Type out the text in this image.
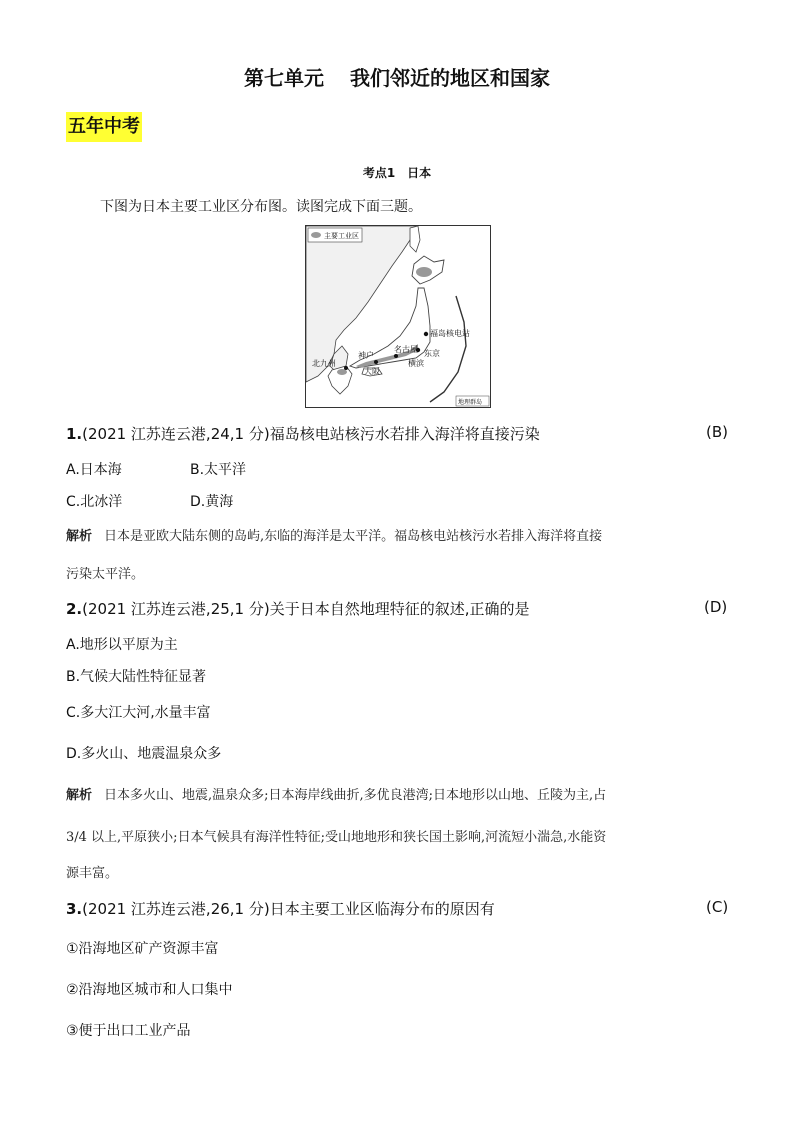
第七单元 我们邻近的地区和国家
五年中考
考点1　日本
下图为日本主要工业区分布图。读图完成下面三题。
主要工业区
福岛核电站
名古屋 东京
北九州
神户
大阪
横滨
地理群岛
1.(2021 江苏连云港,24,1 分)福岛核电站核污水若排入海洋将直接污染	(B)
A.日本海	B.太平洋
C.北冰洋	D.黄海
解析 日本是亚欧大陆东侧的岛屿,东临的海洋是太平洋。福岛核电站核污水若排入海洋将直接
污染太平洋。
2.(2021 江苏连云港,25,1 分)关于日本自然地理特征的叙述,正确的是	(D)
A.地形以平原为主
B.气候大陆性特征显著
C.多大江大河,水量丰富
D.多火山、地震温泉众多
解析 日本多火山、地震,温泉众多;日本海岸线曲折,多优良港湾;日本地形以山地、丘陵为主,占
3/4 以上,平原狭小;日本气候具有海洋性特征;受山地地形和狭长国土影响,河流短小湍急,水能资
源丰富。
3.(2021 江苏连云港,26,1 分)日本主要工业区临海分布的原因有	(C)
①沿海地区矿产资源丰富
②沿海地区城市和人口集中
③便于出口工业产品
